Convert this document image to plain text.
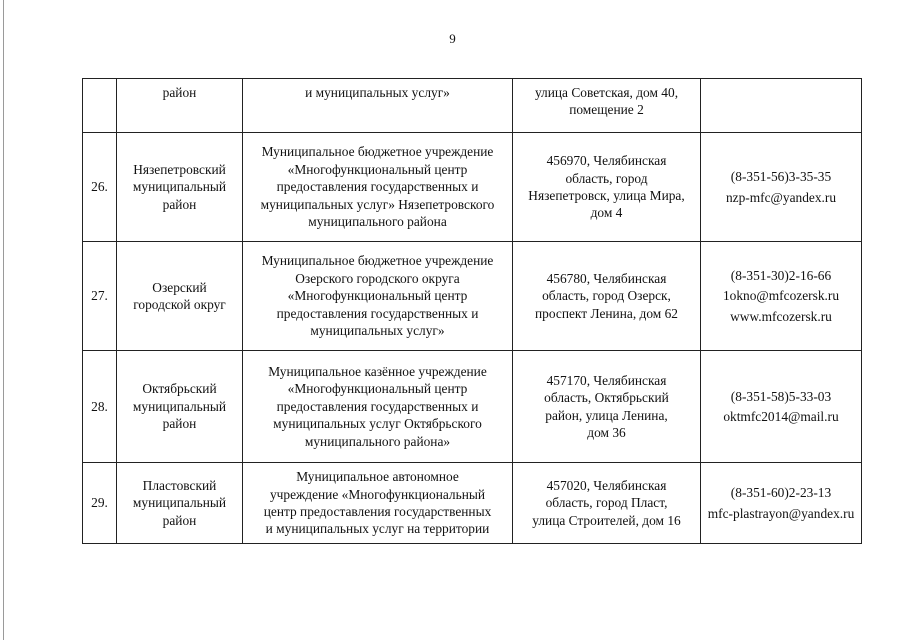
9

	район	и муниципальных услуг»	улица Советская, дом 40,
помещение 2	

26.	Нязепетровский
муниципальный
район	Муниципальное бюджетное учреждение
«Многофункциональный центр
предоставления государственных и
муниципальных услуг» Нязепетровского
муниципального района	456970, Челябинская
область, город
Нязепетровск, улица Мира,
дом 4	(8-351-56)3-35-35
nzp-mfc@yandex.ru

27.	Озерский
городской округ	Муниципальное бюджетное учреждение
Озерского городского округа
«Многофункциональный центр
предоставления государственных и
муниципальных услуг»	456780, Челябинская
область, город Озерск,
проспект Ленина, дом 62	(8-351-30)2-16-66
1okno@mfcozersk.ru
www.mfcozersk.ru

28.	Октябрьский
муниципальный
район	Муниципальное казённое учреждение
«Многофункциональный центр
предоставления государственных и
муниципальных услуг Октябрьского
муниципального района»	457170, Челябинская
область, Октябрьский
район, улица Ленина,
дом 36	(8-351-58)5-33-03
oktmfc2014@mail.ru

29.	Пластовский
муниципальный
район	Муниципальное автономное
учреждение «Многофункциональный
центр предоставления государственных
и муниципальных услуг на территории	457020, Челябинская
область, город Пласт,
улица Строителей, дом 16	(8-351-60)2-23-13
mfc-plastrayon@yandex.ru
